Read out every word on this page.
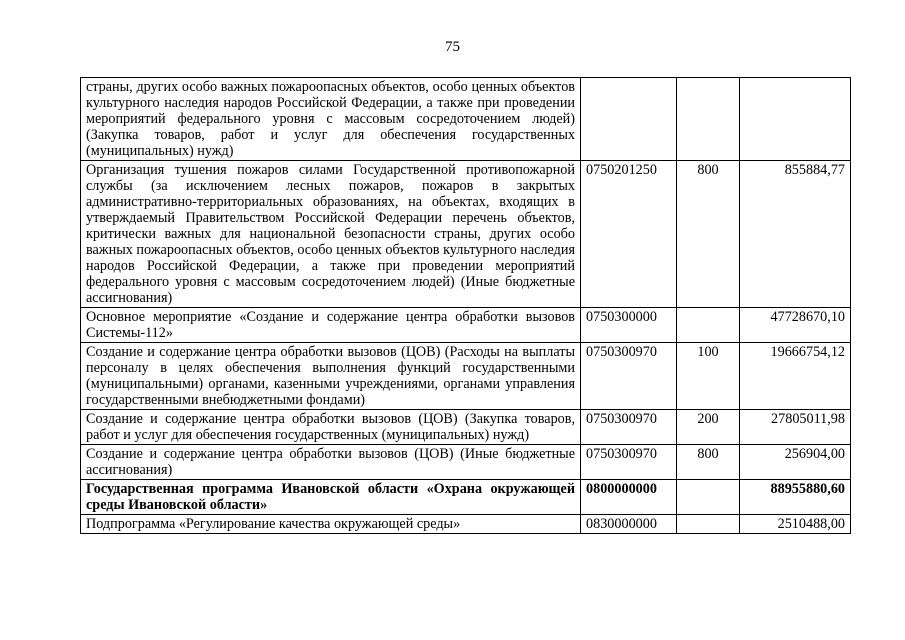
75
страны, других особо важных пожароопасных объектов, особо ценных объектов культурного наследия народов Российской Федерации, а также при проведении мероприятий федерального уровня с массовым сосредоточением людей) (Закупка товаров, работ и услуг для обеспечения государственных (муниципальных) нужд)			
Организация тушения пожаров силами Государственной противопожарной службы (за исключением лесных пожаров, пожаров в закрытых административно-территориальных образованиях, на объектах, входящих в утверждаемый Правительством Российской Федерации перечень объектов, критически важных для национальной безопасности страны, других особо важных пожароопасных объектов, особо ценных объектов культурного наследия народов Российской Федерации, а также при проведении мероприятий федерального уровня с массовым сосредоточением людей) (Иные бюджетные ассигнования)	0750201250	800	855884,77
Основное мероприятие «Создание и содержание центра обработки вызовов Системы-112»	0750300000		47728670,10
Создание и содержание центра обработки вызовов (ЦОВ) (Расходы на выплаты персоналу в целях обеспечения выполнения функций государственными (муниципальными) органами, казенными учреждениями, органами управления государственными внебюджетными фондами)	0750300970	100	19666754,12
Создание и содержание центра обработки вызовов (ЦОВ) (Закупка товаров, работ и услуг для обеспечения государственных (муниципальных) нужд)	0750300970	200	27805011,98
Создание и содержание центра обработки вызовов (ЦОВ) (Иные бюджетные ассигнования)	0750300970	800	256904,00
Государственная программа Ивановской области «Охрана окружающей среды Ивановской области»	0800000000		88955880,60
Подпрограмма «Регулирование качества окружающей среды»	0830000000		2510488,00
